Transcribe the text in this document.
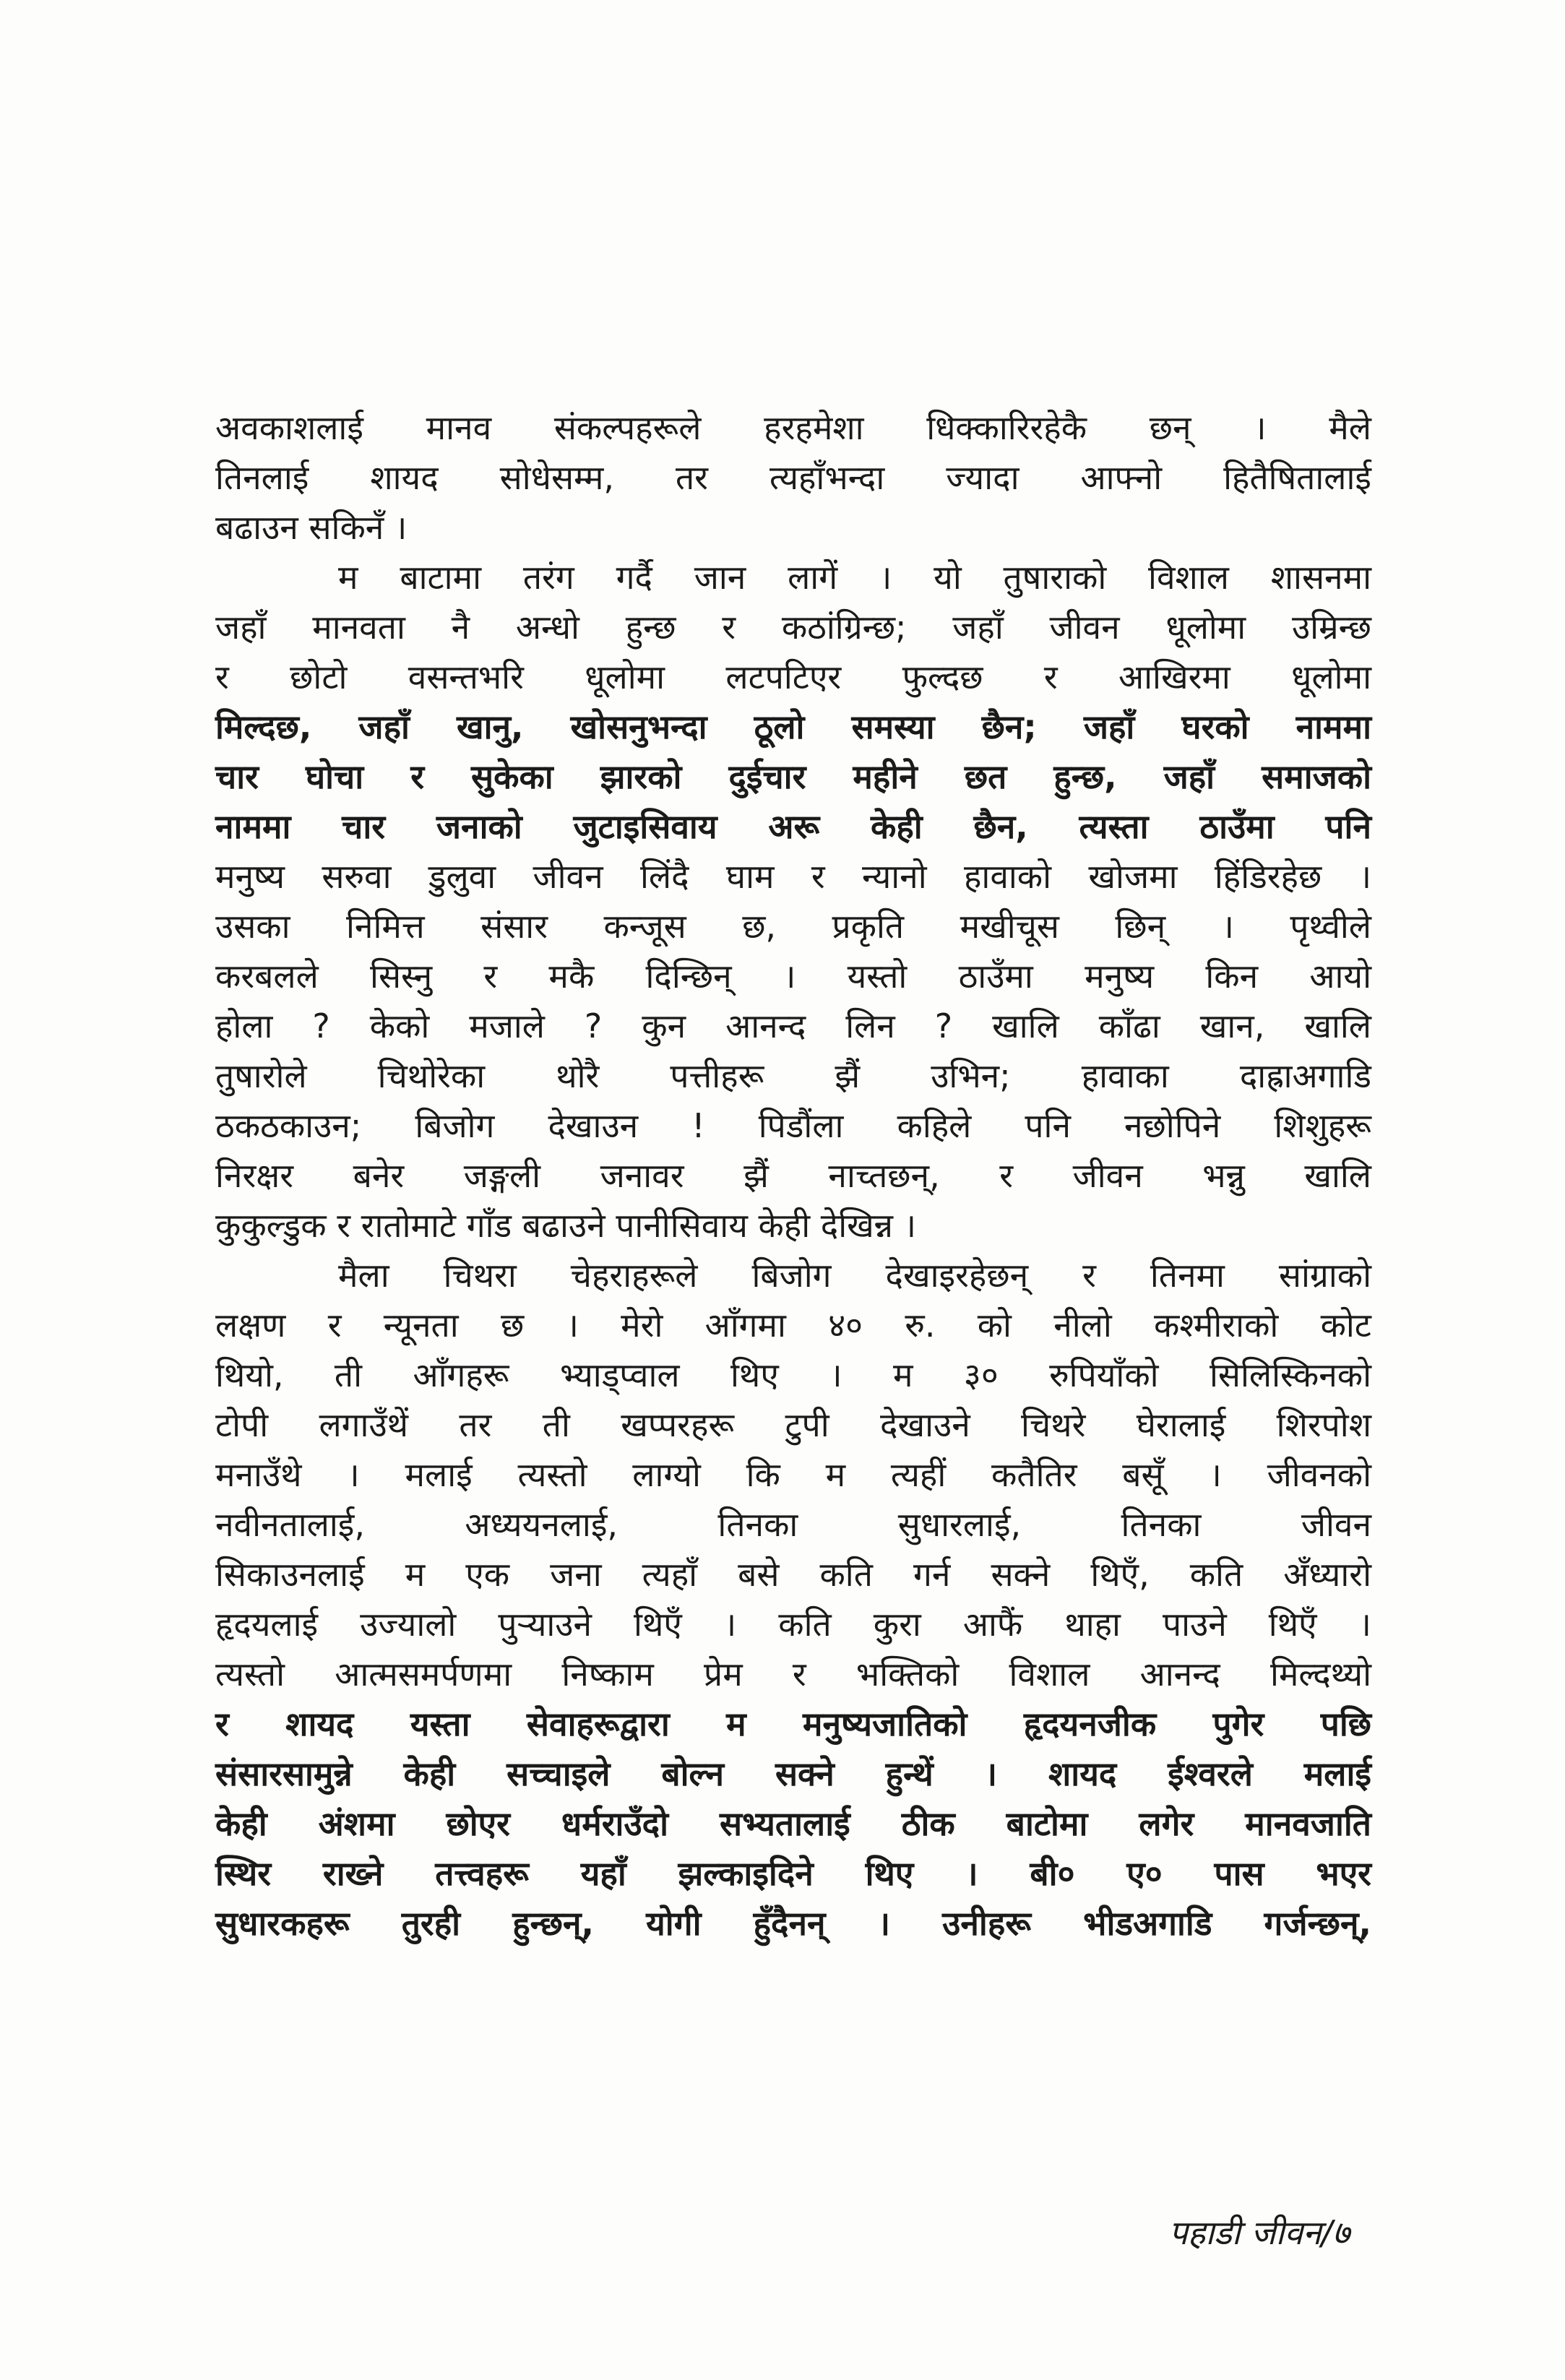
अवकाशलाई मानव संकल्पहरूले हरहमेशा धिक्कारिरहेकै छन् । मैले
तिनलाई शायद सोधेसम्म, तर त्यहाँभन्दा ज्यादा आफ्नो हितैषितालाई
बढाउन सकिनँ ।
म बाटामा तरंग गर्दै जान लागें । यो तुषाराको विशाल शासनमा
जहाँ मानवता नै अन्धो हुन्छ र कठांग्रिन्छ; जहाँ जीवन धूलोमा उम्रिन्छ
र छोटो वसन्तभरि धूलोमा लटपटिएर फुल्दछ र आखिरमा धूलोमा
मिल्दछ, जहाँ खानु, खोसनुभन्दा ठूलो समस्या छैन; जहाँ घरको नाममा
चार घोचा र सुकेका झारको दुईचार महीने छत हुन्छ, जहाँ समाजको
नाममा चार जनाको जुटाइसिवाय अरू केही छैन, त्यस्ता ठाउँमा पनि
मनुष्य सरुवा डुलुवा जीवन लिंदै घाम र न्यानो हावाको खोजमा हिंडिरहेछ ।
उसका निमित्त संसार कन्जूस छ, प्रकृति मखीचूस छिन् । पृथ्वीले
करबलले सिस्नु र मकै दिन्छिन् । यस्तो ठाउँमा मनुष्य किन आयो
होला ? केको मजाले ? कुन आनन्द लिन ? खालि काँढा खान, खालि
तुषारोले चिथोरेका थोरै पत्तीहरू झैं उभिन; हावाका दाह्राअगाडि
ठकठकाउन; बिजोग देखाउन ! पिडौंला कहिले पनि नछोपिने शिशुहरू
निरक्षर बनेर जङ्गली जनावर झैं नाच्तछन्, र जीवन भन्नु खालि
कुकुल्डुक र रातोमाटे गाँड बढाउने पानीसिवाय केही देखिन्न ।
मैला चिथरा चेहराहरूले बिजोग देखाइरहेछन् र तिनमा सांग्राको
लक्षण र न्यूनता छ । मेरो आँगमा ४० रु. को नीलो कश्मीराको कोट
थियो, ती आँगहरू भ्याड्प्वाल थिए । म ३० रुपियाँको सिलिस्किनको
टोपी लगाउँथें तर ती खप्परहरू टुपी देखाउने चिथरे घेरालाई शिरपोश
मनाउँथे । मलाई त्यस्तो लाग्यो कि म त्यहीं कतैतिर बसूँ । जीवनको
नवीनतालाई, अध्ययनलाई, तिनका सुधारलाई, तिनका जीवन
सिकाउनलाई म एक जना त्यहाँ बसे कति गर्न सक्ने थिएँ, कति अँध्यारो
हृदयलाई उज्यालो पुऱ्याउने थिएँ । कति कुरा आफैं थाहा पाउने थिएँ ।
त्यस्तो आत्मसमर्पणमा निष्काम प्रेम र भक्तिको विशाल आनन्द मिल्दथ्यो
र शायद यस्ता सेवाहरूद्वारा म मनुष्यजातिको हृदयनजीक पुगेर पछि
संसारसामुन्ने केही सच्चाइले बोल्न सक्ने हुन्थें । शायद ईश्वरले मलाई
केही अंशमा छोएर धर्मराउँदो सभ्यतालाई ठीक बाटोमा लगेर मानवजाति
स्थिर राख्ने तत्त्वहरू यहाँ झल्काइदिने थिए । बी० ए० पास भएर
सुधारकहरू तुरही हुन्छन्, योगी हुँदैनन् । उनीहरू भीडअगाडि गर्जन्छन्,
पहाडी जीवन/७
